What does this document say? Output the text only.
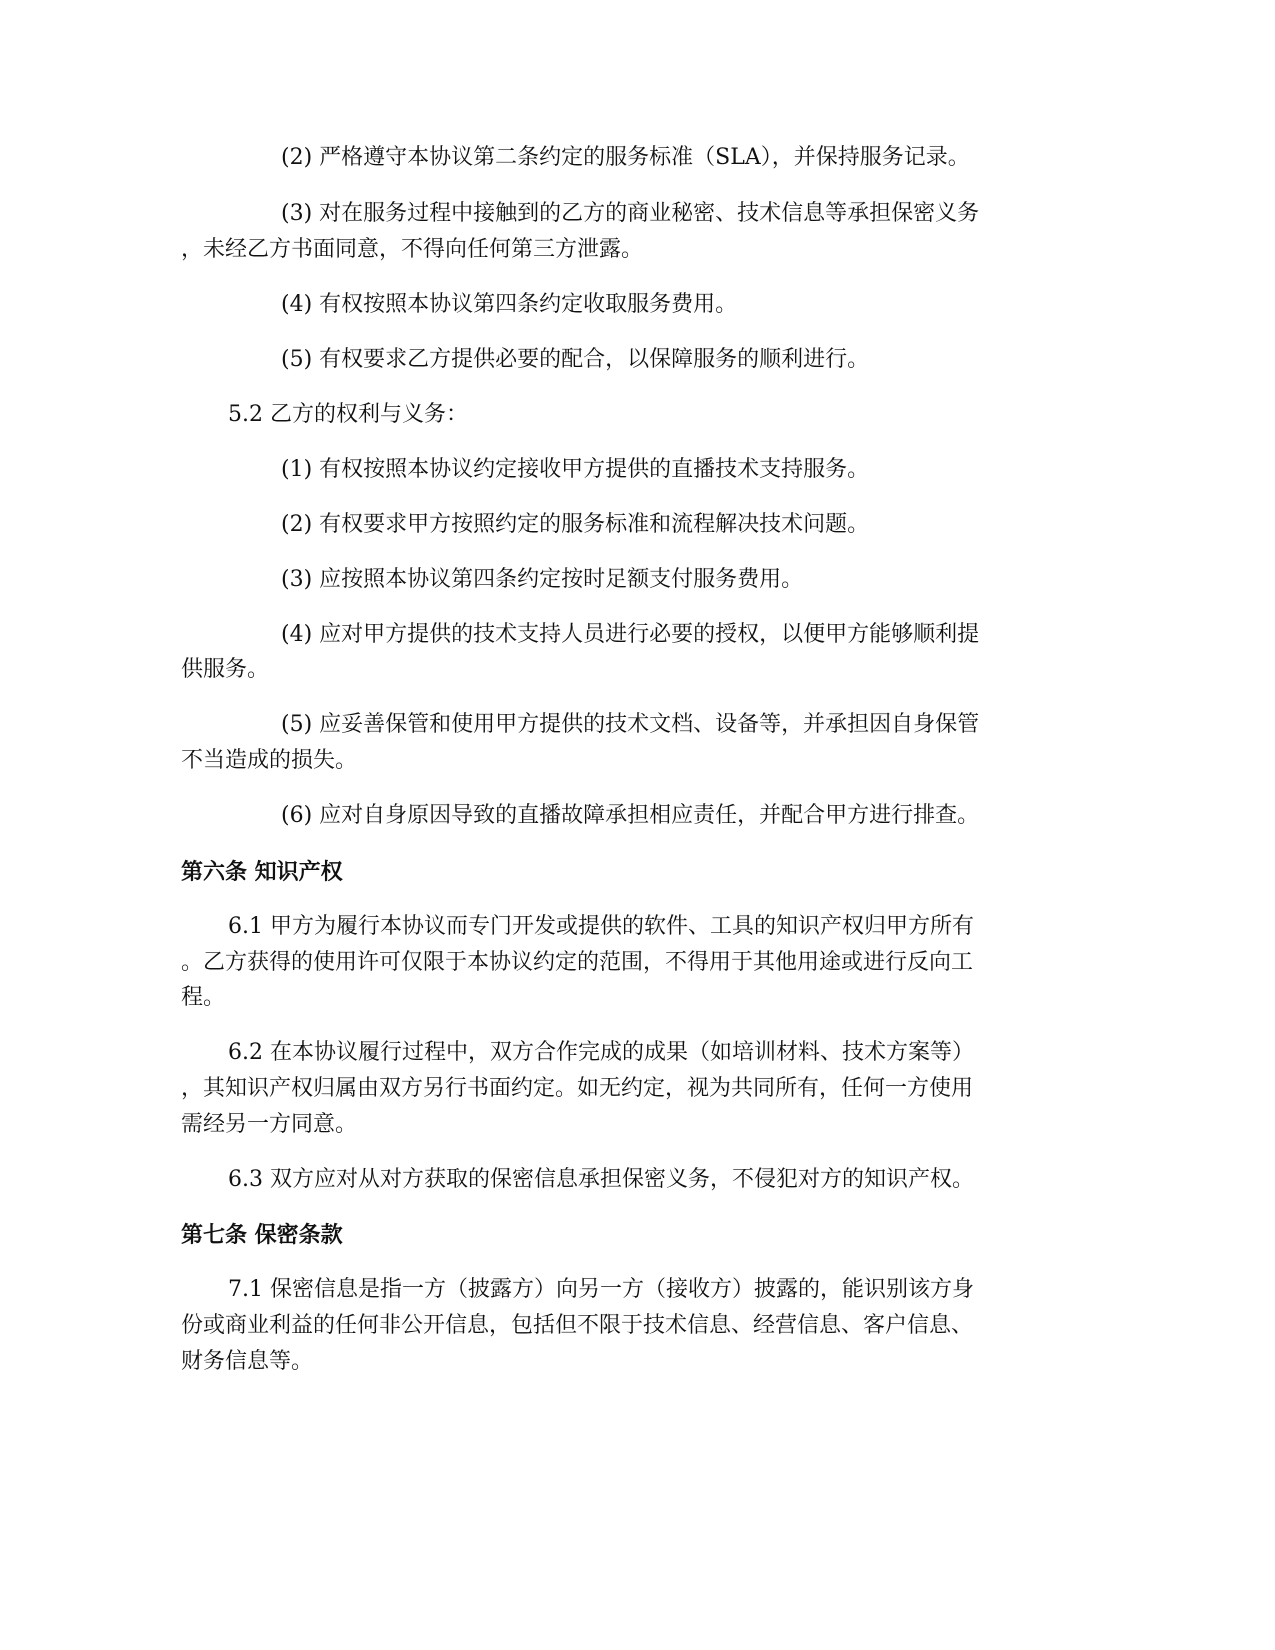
(2) 严格遵守本协议第二条约定的服务标准（SLA），并保持服务记录。

(3) 对在服务过程中接触到的乙方的商业秘密、技术信息等承担保密义务

，未经乙方书面同意，不得向任何第三方泄露。

(4) 有权按照本协议第四条约定收取服务费用。

(5) 有权要求乙方提供必要的配合，以保障服务的顺利进行。

5.2 乙方的权利与义务：

(1) 有权按照本协议约定接收甲方提供的直播技术支持服务。

(2) 有权要求甲方按照约定的服务标准和流程解决技术问题。

(3) 应按照本协议第四条约定按时足额支付服务费用。

(4) 应对甲方提供的技术支持人员进行必要的授权，以便甲方能够顺利提

供服务。

(5) 应妥善保管和使用甲方提供的技术文档、设备等，并承担因自身保管

不当造成的损失。

(6) 应对自身原因导致的直播故障承担相应责任，并配合甲方进行排查。

第六条 知识产权

6.1 甲方为履行本协议而专门开发或提供的软件、工具的知识产权归甲方所有

。乙方获得的使用许可仅限于本协议约定的范围，不得用于其他用途或进行反向工

程。

6.2 在本协议履行过程中，双方合作完成的成果（如培训材料、技术方案等）

，其知识产权归属由双方另行书面约定。如无约定，视为共同所有，任何一方使用

需经另一方同意。

6.3 双方应对从对方获取的保密信息承担保密义务，不侵犯对方的知识产权。

第七条 保密条款

7.1 保密信息是指一方（披露方）向另一方（接收方）披露的，能识别该方身

份或商业利益的任何非公开信息，包括但不限于技术信息、经营信息、客户信息、

财务信息等。
